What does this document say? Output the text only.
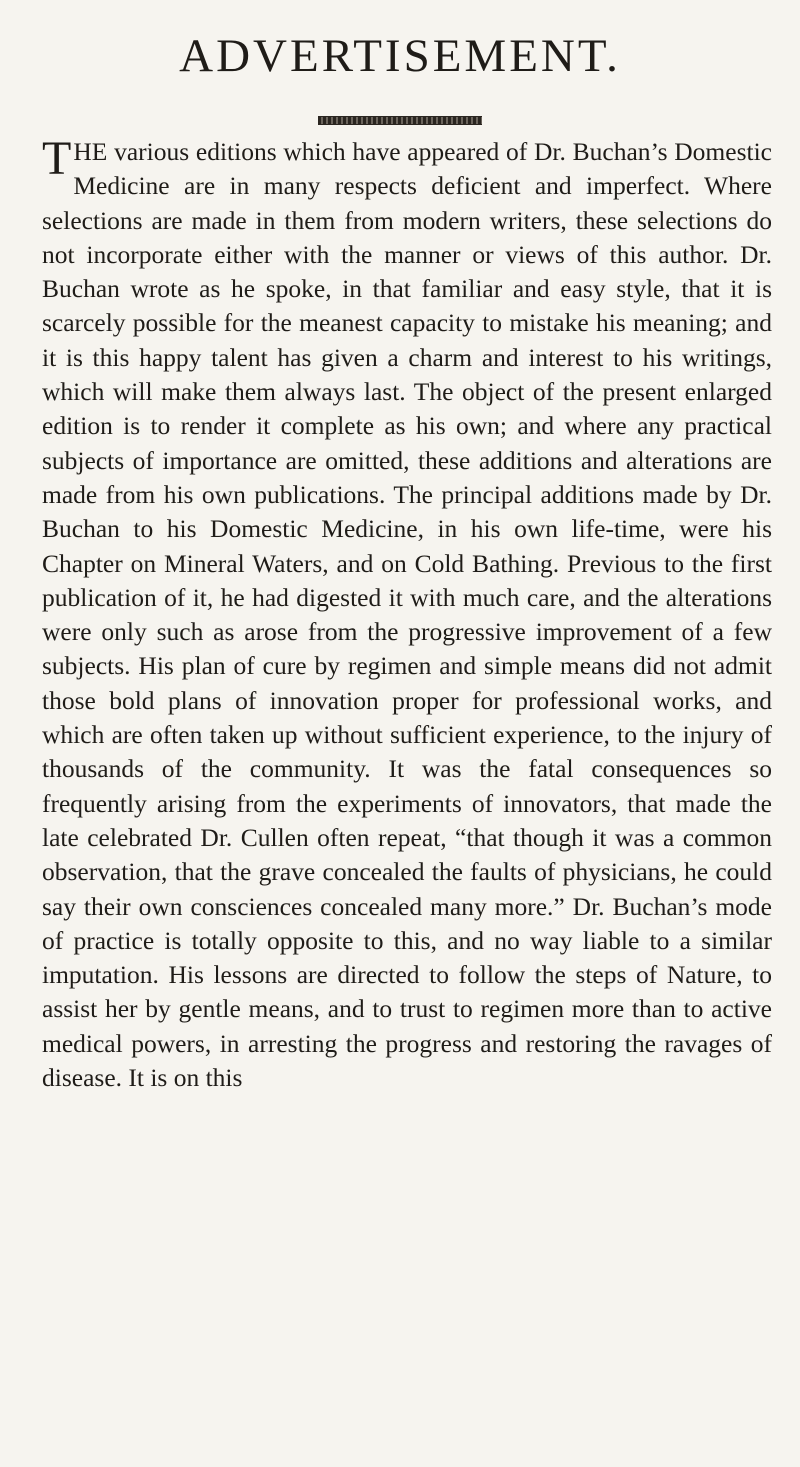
ADVERTISEMENT.

THE various editions which have appeared of Dr. Buchan’s Domestic Medicine are in many respects deficient and imperfect. Where selections are made in them from modern writers, these selections do not incorporate either with the manner or views of this author. Dr. Buchan wrote as he spoke, in that familiar and easy style, that it is scarcely possible for the meanest capacity to mistake his meaning; and it is this happy talent has given a charm and interest to his writings, which will make them always last. The object of the present enlarged edition is to render it complete as his own; and where any practical subjects of importance are omitted, these additions and alterations are made from his own publications. The principal additions made by Dr. Buchan to his Domestic Medicine, in his own life-time, were his Chapter on Mineral Waters, and on Cold Bathing. Previous to the first publication of it, he had digested it with much care, and the alterations were only such as arose from the progressive improvement of a few subjects. His plan of cure by regimen and simple means did not admit those bold plans of innovation proper for professional works, and which are often taken up without sufficient experience, to the injury of thousands of the community. It was the fatal consequences so frequently arising from the experiments of innovators, that made the late celebrated Dr. Cullen often repeat, “that though it was a common observation, that the grave concealed the faults of physicians, he could say their own consciences concealed many more.” Dr. Buchan’s mode of practice is totally opposite to this, and no way liable to a similar imputation. His lessons are directed to follow the steps of Nature, to assist her by gentle means, and to trust to regimen more than to active medical powers, in arresting the progress and restoring the ravages of disease. It is on this
